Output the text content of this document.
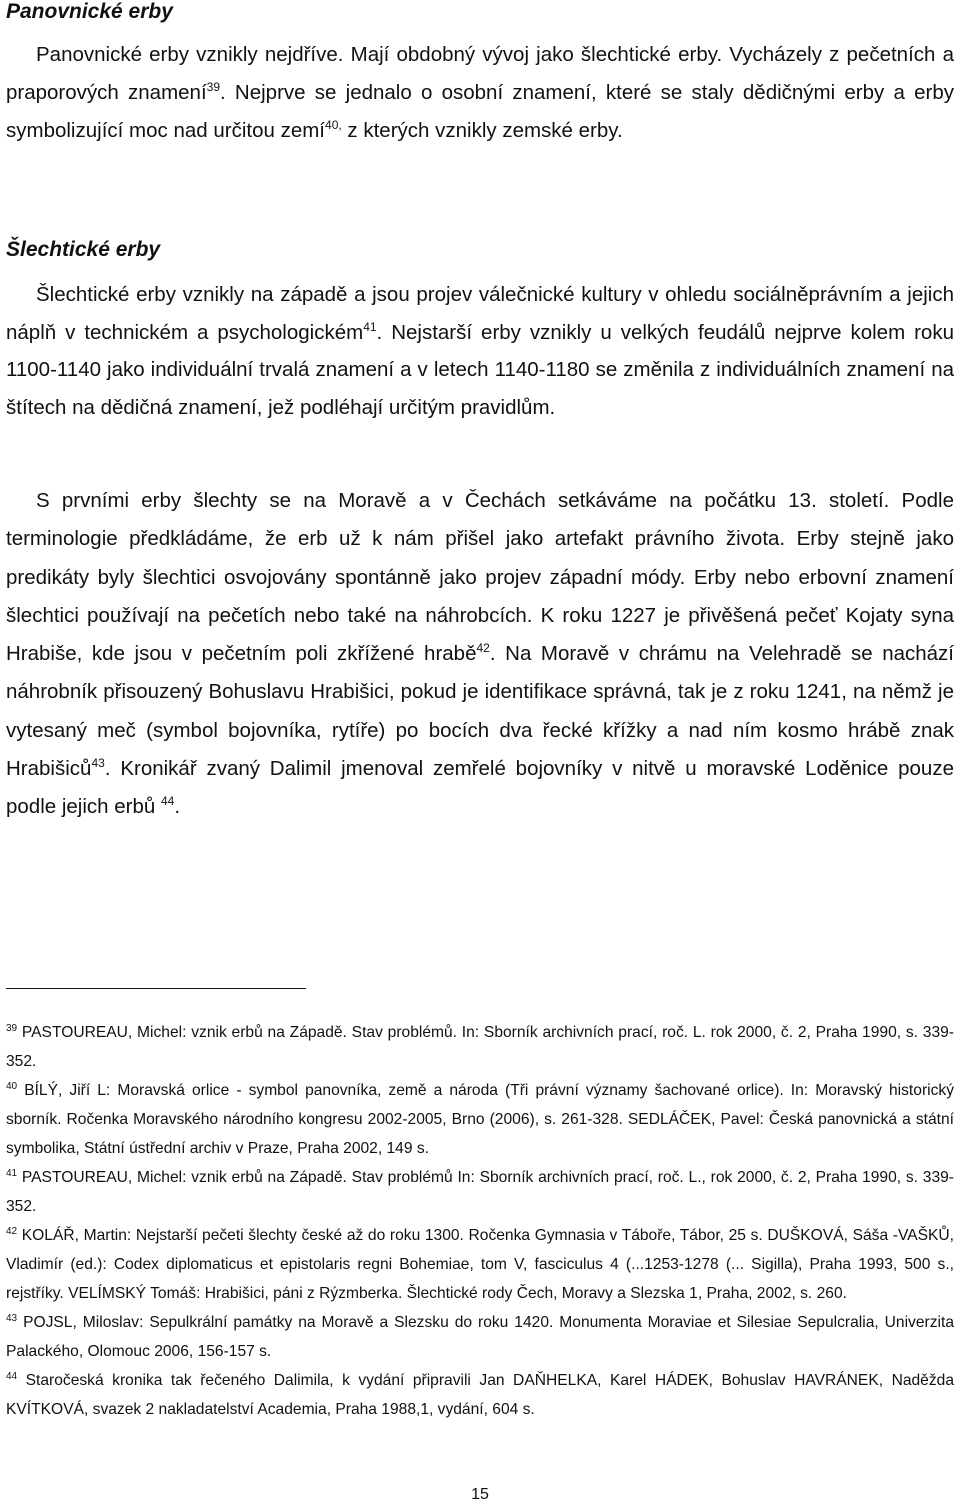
Panovnické erby

Panovnické erby vznikly nejdříve. Mají obdobný vývoj jako šlechtické erby. Vycházely z pečetních a praporových znamení$^{39}$. Nejprve se jednalo o osobní znamení, které se staly dědičnými erby a erby symbolizující moc nad určitou zemí$^{40,}$ z kterých vznikly zemské erby.

Šlechtické erby

Šlechtické erby vznikly na západě a jsou projev válečnické kultury v ohledu sociálněprávním a jejich náplň v technickém a psychologickém$^{41}$. Nejstarší erby vznikly u velkých feudálů nejprve kolem roku 1100-1140 jako individuální trvalá znamení a v letech 1140-1180 se změnila z individuálních znamení na štítech na dědičná znamení, jež podléhají určitým pravidlům.

S prvními erby šlechty se na Moravě a v Čechách setkáváme na počátku 13. století. Podle terminologie předkládáme, že erb už k nám přišel jako artefakt právního života. Erby stejně jako predikáty byly šlechtici osvojovány spontánně jako projev západní módy. Erby nebo erbovní znamení šlechtici používají na pečetích nebo také na náhrobcích. K roku 1227 je přivěšená pečeť Kojaty syna Hrabiše, kde jsou v pečetním poli zkřížené hrabě$^{42}$. Na Moravě v chrámu na Velehradě se nachází náhrobník přisouzený Bohuslavu Hrabišici, pokud je identifikace správná, tak je z roku 1241, na němž je vytesaný meč (symbol bojovníka, rytíře) po bocích dva řecké křížky a nad ním kosmo hrábě znak Hrabišiců$^{43}$. Kronikář zvaný Dalimil jmenoval zemřelé bojovníky v nitvě u moravské Loděnice pouze podle jejich erbů $^{44}$.

$^{39}$ PASTOUREAU, Michel: vznik erbů na Západě. Stav problémů. In: Sborník archivních prací, roč. L. rok 2000, č. 2, Praha 1990, s. 339-352.

$^{40}$ BÍLÝ, Jiří L: Moravská orlice - symbol panovníka, země a národa (Tři právní významy šachované orlice). In: Moravský historický sborník. Ročenka Moravského národního kongresu 2002-2005, Brno (2006), s. 261-328. SEDLÁČEK, Pavel: Česká panovnická a státní symbolika, Státní ústřední archiv v Praze, Praha 2002, 149 s.

$^{41}$ PASTOUREAU, Michel: vznik erbů na Západě. Stav problémů In: Sborník archivních prací, roč. L., rok 2000, č. 2, Praha 1990, s. 339-352.

$^{42}$ KOLÁŘ, Martin: Nejstarší pečeti šlechty české až do roku 1300. Ročenka Gymnasia v Táboře, Tábor, 25 s. DUŠKOVÁ, Sáša -VAŠKŮ, Vladimír (ed.): Codex diplomaticus et epistolaris regni Bohemiae, tom V, fasciculus 4 (...1253-1278 (... Sigilla), Praha 1993, 500 s., rejstříky. VELÍMSKÝ Tomáš: Hrabišici, páni z Rýzmberka. Šlechtické rody Čech, Moravy a Slezska 1, Praha, 2002, s. 260.

$^{43}$ POJSL, Miloslav: Sepulkrální památky na Moravě a Slezsku do roku 1420. Monumenta Moraviae et Silesiae Sepulcralia, Univerzita Palackého, Olomouc 2006, 156-157 s.

$^{44}$ Staročeská kronika tak řečeného Dalimila, k vydání připravili Jan DAŇHELKA, Karel HÁDEK, Bohuslav HAVRÁNEK, Naděžda KVÍTKOVÁ, svazek 2 nakladatelství Academia, Praha 1988,1, vydání, 604 s.

15
